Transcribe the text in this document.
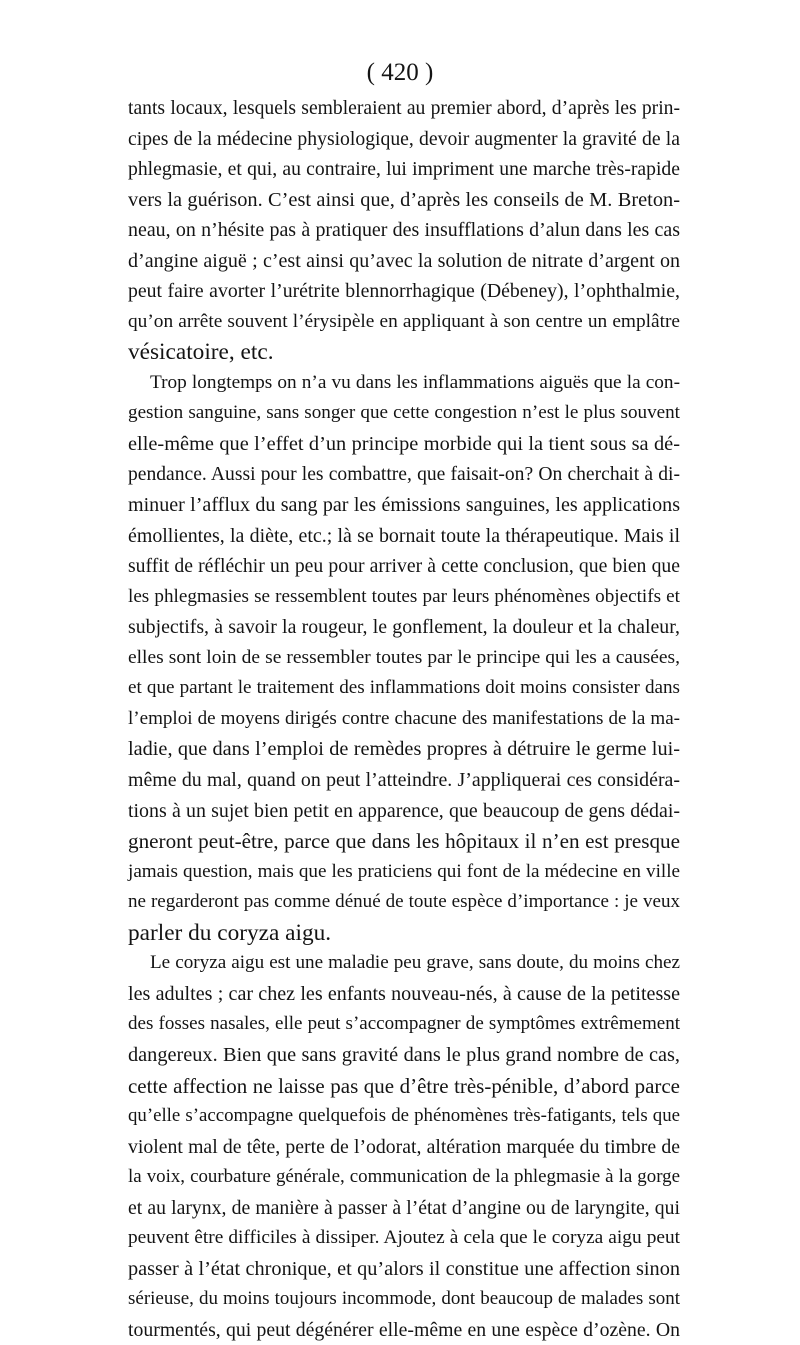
( 420 )
tants locaux, lesquels sembleraient au premier abord, d’après les prin-
cipes de la médecine physiologique, devoir augmenter la gravité de la
phlegmasie, et qui, au contraire, lui impriment une marche très-rapide
vers la guérison. C’est ainsi que, d’après les conseils de M. Breton-
neau, on n’hésite pas à pratiquer des insufflations d’alun dans les cas
d’angine aiguë ; c’est ainsi qu’avec la solution de nitrate d’argent on
peut faire avorter l’urétrite blennorrhagique (Débeney), l’ophthalmie,
qu’on arrête souvent l’érysipèle en appliquant à son centre un emplâtre
vésicatoire, etc.
Trop longtemps on n’a vu dans les inflammations aiguës que la con-
gestion sanguine, sans songer que cette congestion n’est le plus souvent
elle-même que l’effet d’un principe morbide qui la tient sous sa dé-
pendance. Aussi pour les combattre, que faisait-on? On cherchait à di-
minuer l’afflux du sang par les émissions sanguines, les applications
émollientes, la diète, etc.; là se bornait toute la thérapeutique. Mais il
suffit de réfléchir un peu pour arriver à cette conclusion, que bien que
les phlegmasies se ressemblent toutes par leurs phénomènes objectifs et
subjectifs, à savoir la rougeur, le gonflement, la douleur et la chaleur,
elles sont loin de se ressembler toutes par le principe qui les a causées,
et que partant le traitement des inflammations doit moins consister dans
l’emploi de moyens dirigés contre chacune des manifestations de la ma-
ladie, que dans l’emploi de remèdes propres à détruire le germe lui-
même du mal, quand on peut l’atteindre. J’appliquerai ces considéra-
tions à un sujet bien petit en apparence, que beaucoup de gens dédai-
gneront peut-être, parce que dans les hôpitaux il n’en est presque
jamais question, mais que les praticiens qui font de la médecine en ville
ne regarderont pas comme dénué de toute espèce d’importance : je veux
parler du coryza aigu.
Le coryza aigu est une maladie peu grave, sans doute, du moins chez
les adultes ; car chez les enfants nouveau-nés, à cause de la petitesse
des fosses nasales, elle peut s’accompagner de symptômes extrêmement
dangereux. Bien que sans gravité dans le plus grand nombre de cas,
cette affection ne laisse pas que d’être très-pénible, d’abord parce
qu’elle s’accompagne quelquefois de phénomènes très-fatigants, tels que
violent mal de tête, perte de l’odorat, altération marquée du timbre de
la voix, courbature générale, communication de la phlegmasie à la gorge
et au larynx, de manière à passer à l’état d’angine ou de laryngite, qui
peuvent être difficiles à dissiper. Ajoutez à cela que le coryza aigu peut
passer à l’état chronique, et qu’alors il constitue une affection sinon
sérieuse, du moins toujours incommode, dont beaucoup de malades sont
tourmentés, qui peut dégénérer elle-même en une espèce d’ozène. On
